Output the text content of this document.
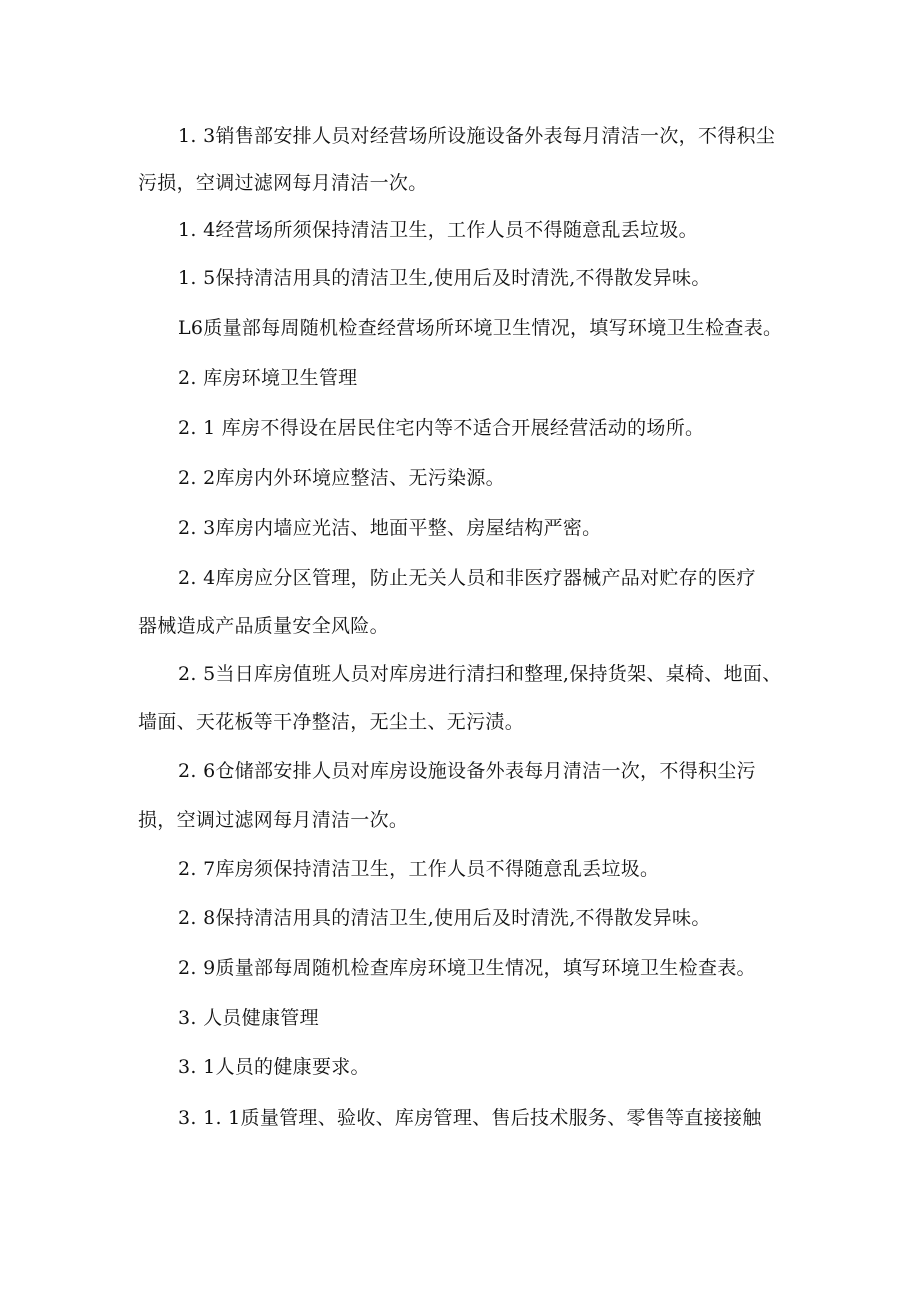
1. 3销售部安排人员对经营场所设施设备外表每月清洁一次，不得积尘
污损，空调过滤网每月清洁一次。
1. 4经营场所须保持清洁卫生，工作人员不得随意乱丢垃圾。
1. 5保持清洁用具的清洁卫生,使用后及时清洗,不得散发异味。
L6质量部每周随机检查经营场所环境卫生情况，填写环境卫生检查表。
2. 库房环境卫生管理
2. 1 库房不得设在居民住宅内等不适合开展经营活动的场所。
2. 2库房内外环境应整洁、无污染源。
2. 3库房内墙应光洁、地面平整、房屋结构严密。
2. 4库房应分区管理，防止无关人员和非医疗器械产品对贮存的医疗
器械造成产品质量安全风险。
2. 5当日库房值班人员对库房进行清扫和整理,保持货架、桌椅、地面、
墙面、天花板等干净整洁，无尘土、无污渍。
2. 6仓储部安排人员对库房设施设备外表每月清洁一次，不得积尘污
损，空调过滤网每月清洁一次。
2. 7库房须保持清洁卫生，工作人员不得随意乱丢垃圾。
2. 8保持清洁用具的清洁卫生,使用后及时清洗,不得散发异味。
2. 9质量部每周随机检查库房环境卫生情况，填写环境卫生检查表。
3. 人员健康管理
3. 1人员的健康要求。
3. 1. 1质量管理、验收、库房管理、售后技术服务、零售等直接接触
